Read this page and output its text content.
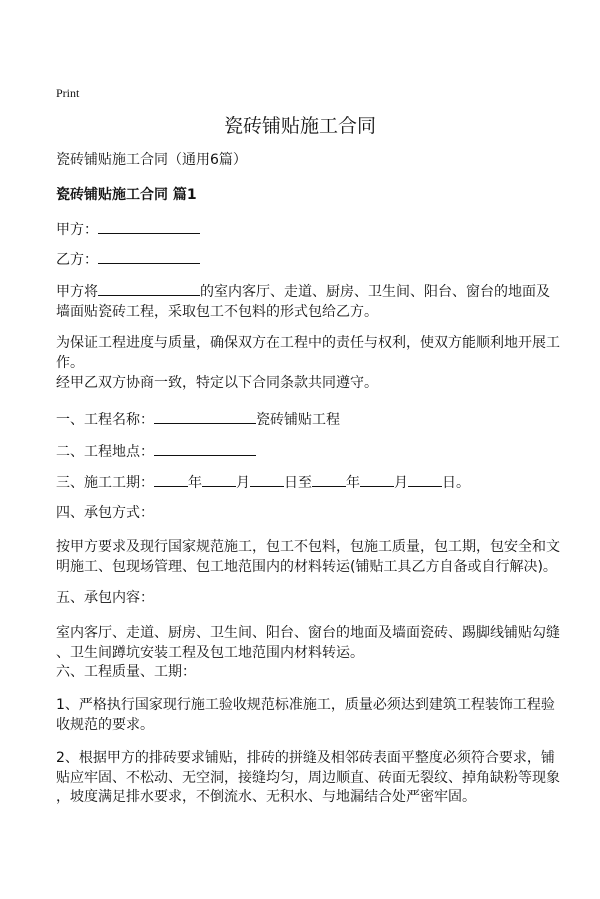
Print
瓷砖铺贴施工合同
瓷砖铺贴施工合同（通用6篇）
瓷砖铺贴施工合同 篇1
甲方：
乙方：
甲方将	的室内客厅、走道、厨房、卫生间、阳台、窗台的地面及
墙面贴瓷砖工程，采取包工不包料的形式包给乙方。
为保证工程进度与质量，确保双方在工程中的责任与权利，使双方能顺利地开展工
作。
经甲乙双方协商一致，特定以下合同条款共同遵守。
一、工程名称：	瓷砖铺贴工程
二、工程地点：
三、施工工期： 年 月 日至 年 月 日。
四、承包方式：
按甲方要求及现行国家规范施工，包工不包料，包施工质量，包工期，包安全和文
明施工、包现场管理、包工地范围内的材料转运(铺贴工具乙方自备或自行解决)。
五、承包内容：
室内客厅、走道、厨房、卫生间、阳台、窗台的地面及墙面瓷砖、踢脚线铺贴勾缝
、卫生间蹲坑安装工程及包工地范围内材料转运。
六、工程质量、工期：
1、严格执行国家现行施工验收规范标准施工，质量必须达到建筑工程装饰工程验
收规范的要求。
2、根据甲方的排砖要求铺贴，排砖的拼缝及相邻砖表面平整度必须符合要求，铺
贴应牢固、不松动、无空洞，接缝均匀，周边顺直、砖面无裂纹、掉角缺粉等现象
，坡度满足排水要求，不倒流水、无积水、与地漏结合处严密牢固。
